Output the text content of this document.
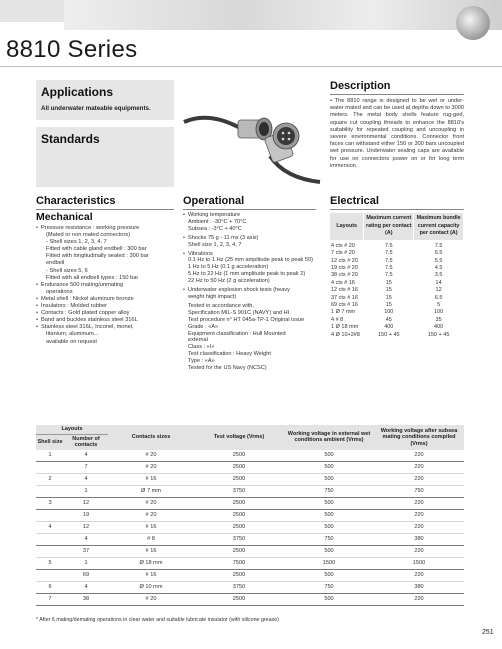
8810 Series
Applications
All underwater mateable equipments.
Standards
Description
• The 8810 range is designed to be wet or under-water mated and can be used at depths down to 3000 meters. The metal body shells feature rug-ged, square cut coupling threads to enhance the 8810's suitability for repeated coupling and uncoupling in severe environmental conditions. Connector front faces can withstand either 150 or 300 bars uncoupled wet pressure. Underwater sealing caps are available for use on connectors power on or for long term immersion.
Characteristics
Mechanical
• Pressure resistance : working pressure
(Mated or non mated connectors)
- Shell sizes 1, 2, 3, 4, 7
Fitted with cable gland endbell : 300 bar
Fitted with longitudinally sealed : 300 bar
endbell
- Shell sizes 5, 6
Fitted with all endbell types : 150 bar
• Endurance 500 mating/unmating
operations
• Metal shell : Nickel aluminum bronze
• Insulators : Molded rubber
• Contacts : Gold plated copper alloy
• Band and buckles stainless steel 316L
• Stainless steel 316L, Inconel, monel,
titanium, aluminum...
available on request
Operational
• Working temperature
Ambient : -30°C + 70°C
Subsea : -3°C + 40°C
• Shocks 75 g - 11 ms (3 axis)
Shell size 1, 2, 3, 4, 7
• Vibrations
0.1 Hz to 1 Hz (25 mm amplitude peak to peak 50)
1 Hz to 5 Hz (0.1 g acceleration)
5 Hz to 22 Hz (1 mm amplitude peak to peak 2)
22 Hz to 50 Hz (2 g acceleration)
• Underwater explosion shock tests (heavy
weight high impact)
Tested in accordance with,
Specification MIL-S 901C (NAVY) and HI
Test procedure n° HT 045a-TP-1 Original issue
Grade : «A»
Equipment classification : Hull Mounted
external
Class : «I»
Test classification : Heavy Weight
Type : «A»
Tested for the US Navy (NCSC)
Electrical
Layouts	Maximum current rating per contact (A)	Maximum bundle current capacity per contact (A)
4 cts # 20	7.5	7.5
7 cts # 20	7.5	6.5
12 cts # 20	7.5	5.5
19 cts # 20	7.5	4.5
38 cts # 20	7.5	3.5
4 cts # 16	15	14
12 cts # 16	15	12
37 cts # 16	15	6.5
69 cts # 16	15	5
1 Ø 7 mm	100	100
4 # 8	45	35
1 Ø 18 mm	400	400
4 Ø 10+2#8	150 + 45	150 + 45
Layouts		Contacts sizes	Test voltage (Vrms)	Working voltage in external wet conditions ambient (Vrms)	Working voltage after subsea mating conditions compiled (Vrms)
Shell size	Number of contacts				
1	4	# 20	2500	500	220
	7	# 20	2500	500	220
2	4	# 16	2500	500	220
	1	Ø 7 mm	3750	750	750
3	12	# 20	2500	500	220
	19	# 20	2500	500	220
4	12	# 16	2500	500	220
	4	# 8	3750	750	380
	37	# 16	2500	500	220
5	1	Ø 18 mm	7500	1500	1500
	69	# 16	2500	500	220
6	4	Ø 10 mm	3750	750	380
7	38	# 20	2500	500	220
* After 6 mating/demating operations in clear water and suitable lubricate insulator (with silicone grease)
251
